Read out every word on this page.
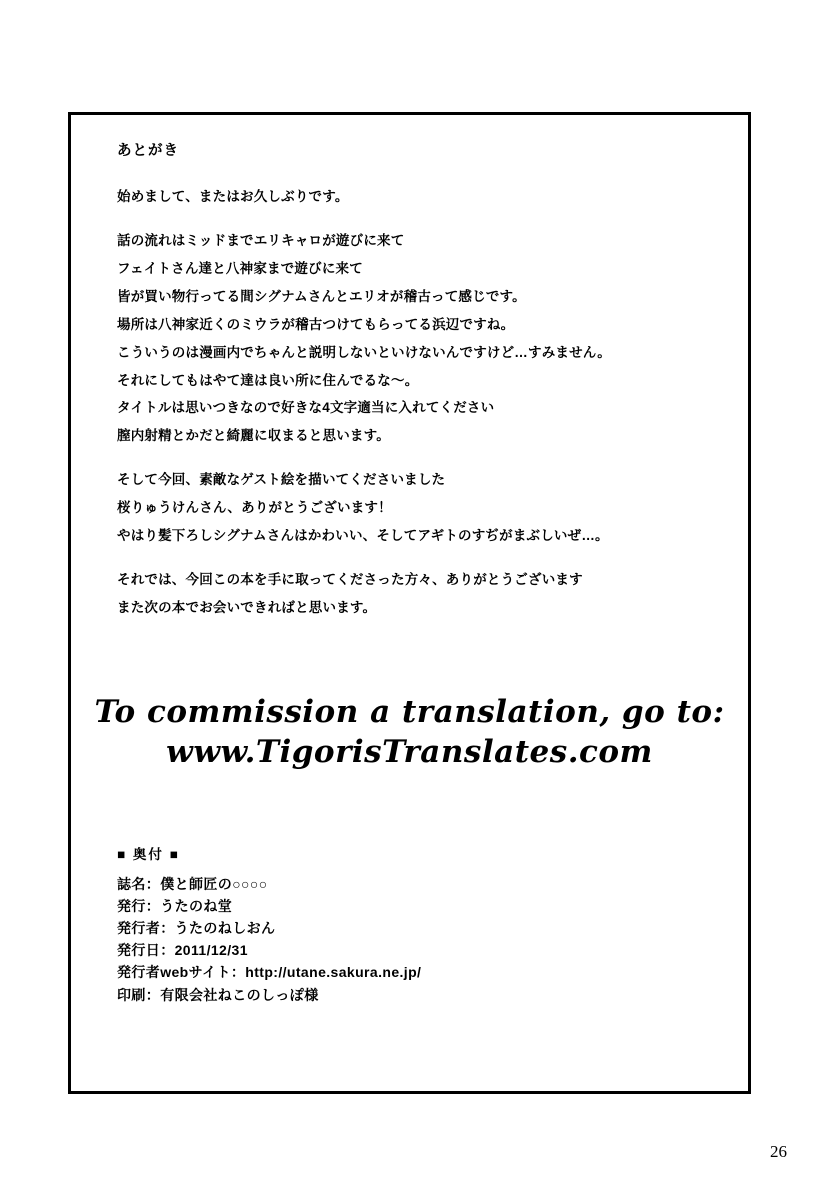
あとがき

始めまして、またはお久しぶりです。

話の流れはミッドまでエリキャロが遊びに来て

フェイトさん達と八神家まで遊びに来て

皆が買い物行ってる間シグナムさんとエリオが稽古って感じです。

場所は八神家近くのミウラが稽古つけてもらってる浜辺ですね。

こういうのは漫画内でちゃんと説明しないといけないんですけど…すみません。

それにしてもはやて達は良い所に住んでるな～。

タイトルは思いつきなので好きな4文字適当に入れてください

膣内射精とかだと綺麗に収まると思います。

そして今回、素敵なゲスト絵を描いてくださいました

桜りゅうけんさん、ありがとうございます！

やはり髪下ろしシグナムさんはかわいい、そしてアギトのすぢがまぶしいぜ…。

それでは、今回この本を手に取ってくださった方々、ありがとうございます

また次の本でお会いできればと思います。

To commission a translation, go to:
www.TigorisTranslates.com
■ 奥付 ■

誌名：僕と師匠の○○○○

発行：うたのね堂

発行者：うたのねしおん

発行日：2011/12/31

発行者webサイト：http://utane.sakura.ne.jp/

印刷：有限会社ねこのしっぽ様

26
